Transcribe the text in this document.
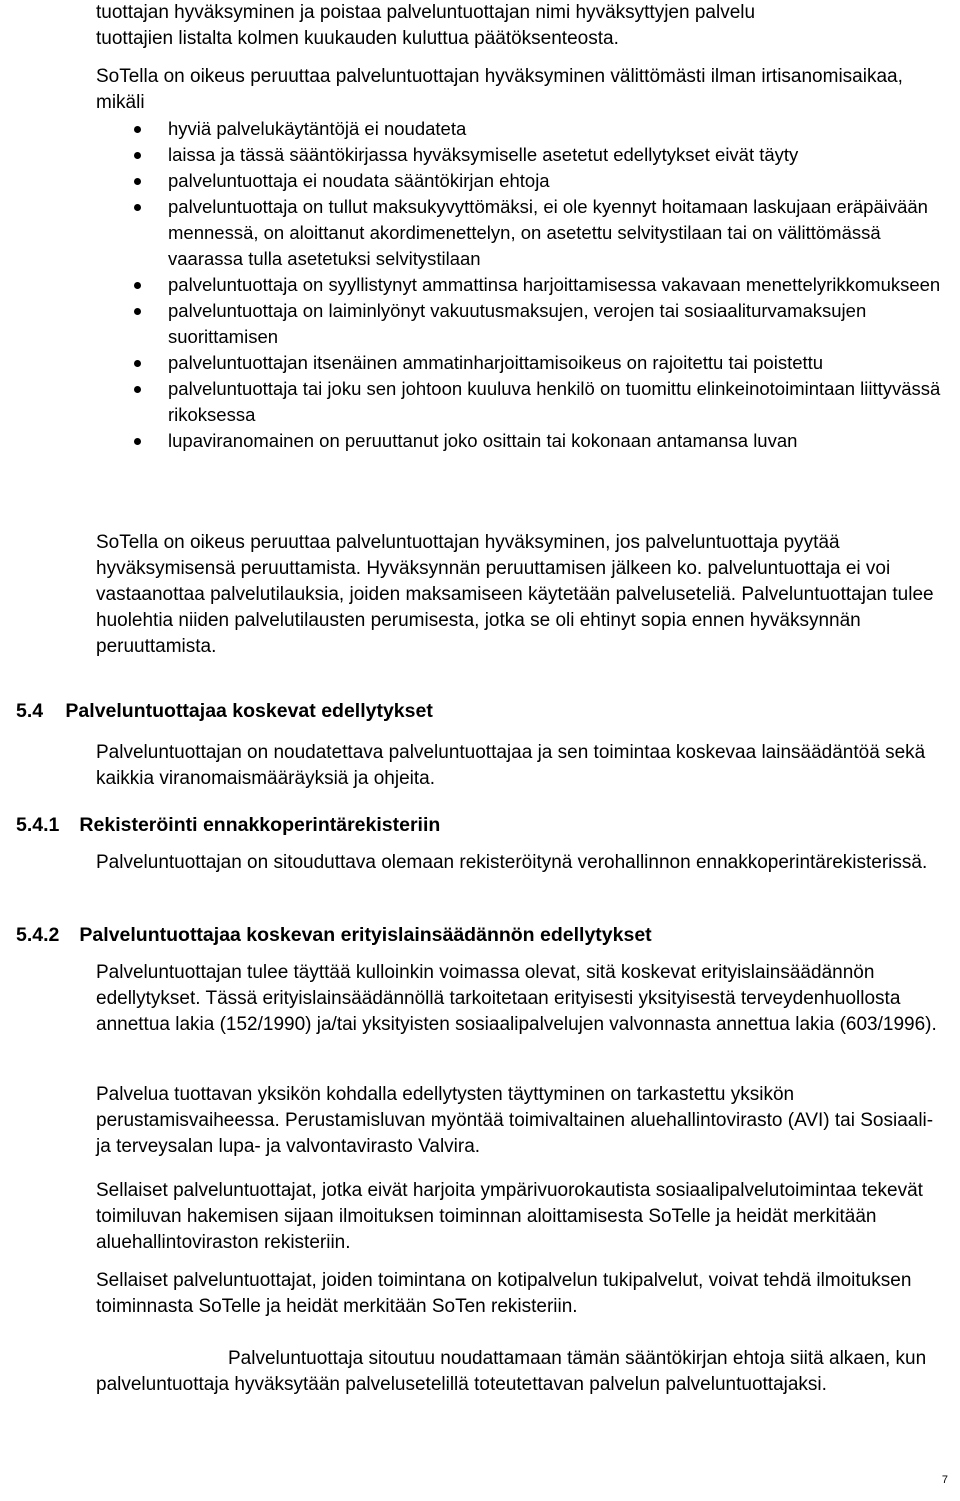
tuottajan hyväksyminen ja poistaa palveluntuottajan nimi hyväksyttyjen palvelu

tuottajien listalta kolmen kuukauden kuluttua päätöksenteosta.

SoTella on oikeus peruuttaa palveluntuottajan hyväksyminen välittömästi ilman irtisanomisaikaa, mikäli

hyviä palvelukäytäntöjä ei noudateta
laissa ja tässä sääntökirjassa hyväksymiselle asetetut edellytykset eivät täyty
palveluntuottaja ei noudata sääntökirjan ehtoja
palveluntuottaja on tullut maksukyvyttömäksi, ei ole kyennyt hoitamaan laskujaan eräpäivään mennessä, on aloittanut akordimenettelyn, on asetettu selvitystilaan tai on välittömässä vaarassa tulla asetetuksi selvitystilaan
palveluntuottaja on syyllistynyt ammattinsa harjoittamisessa vakavaan menettelyrikkomukseen
palveluntuottaja on laiminlyönyt vakuutusmaksujen, verojen tai sosiaaliturvamaksujen suorittamisen
palveluntuottajan itsenäinen ammatinharjoittamisoikeus on rajoitettu tai poistettu
palveluntuottaja tai joku sen johtoon kuuluva henkilö on tuomittu elinkeinotoimintaan liittyvässä rikoksessa
lupaviranomainen on peruuttanut joko osittain tai kokonaan antamansa luvan

SoTella on oikeus peruuttaa palveluntuottajan hyväksyminen, jos palveluntuottaja pyytää hyväksymisensä peruuttamista. Hyväksynnän peruuttamisen jälkeen ko. palveluntuottaja ei voi vastaanottaa palvelutilauksia, joiden maksamiseen käytetään palveluseteliä. Palveluntuottajan tulee huolehtia niiden palvelutilausten perumisesta, jotka se oli ehtinyt sopia ennen hyväksynnän peruuttamista.

5.4 Palveluntuottajaa koskevat edellytykset

Palveluntuottajan on noudatettava palveluntuottajaa ja sen toimintaa koskevaa lainsäädäntöä sekä kaikkia viranomaismääräyksiä ja ohjeita.

5.4.1 Rekisteröinti ennakkoperintärekisteriin

Palveluntuottajan on sitouduttava olemaan rekisteröitynä verohallinnon ennakkoperintärekisterissä.

5.4.2 Palveluntuottajaa koskevan erityislainsäädännön edellytykset

Palveluntuottajan tulee täyttää kulloinkin voimassa olevat, sitä koskevat erityislainsäädännön edellytykset. Tässä erityislainsäädännöllä tarkoitetaan erityisesti yksityisestä terveydenhuollosta annettua lakia (152/1990) ja/tai yksityisten sosiaalipalvelujen valvonnasta annettua lakia (603/1996).

Palvelua tuottavan yksikön kohdalla edellytysten täyttyminen on tarkastettu yksikön perustamisvaiheessa. Perustamisluvan myöntää toimivaltainen aluehallintovirasto (AVI) tai Sosiaali- ja terveysalan lupa- ja valvontavirasto Valvira.

Sellaiset palveluntuottajat, jotka eivät harjoita ympärivuorokautista sosiaalipalvelutoimintaa tekevät toimiluvan hakemisen sijaan ilmoituksen toiminnan aloittamisesta SoTelle ja heidät merkitään aluehallintoviraston rekisteriin.

Sellaiset palveluntuottajat, joiden toimintana on kotipalvelun tukipalvelut, voivat tehdä ilmoituksen toiminnasta SoTelle ja heidät merkitään SoTen rekisteriin.

Palveluntuottaja sitoutuu noudattamaan tämän sääntökirjan ehtoja siitä alkaen, kun palveluntuottaja hyväksytään palvelusetelillä toteutettavan palvelun palveluntuottajaksi.

7
